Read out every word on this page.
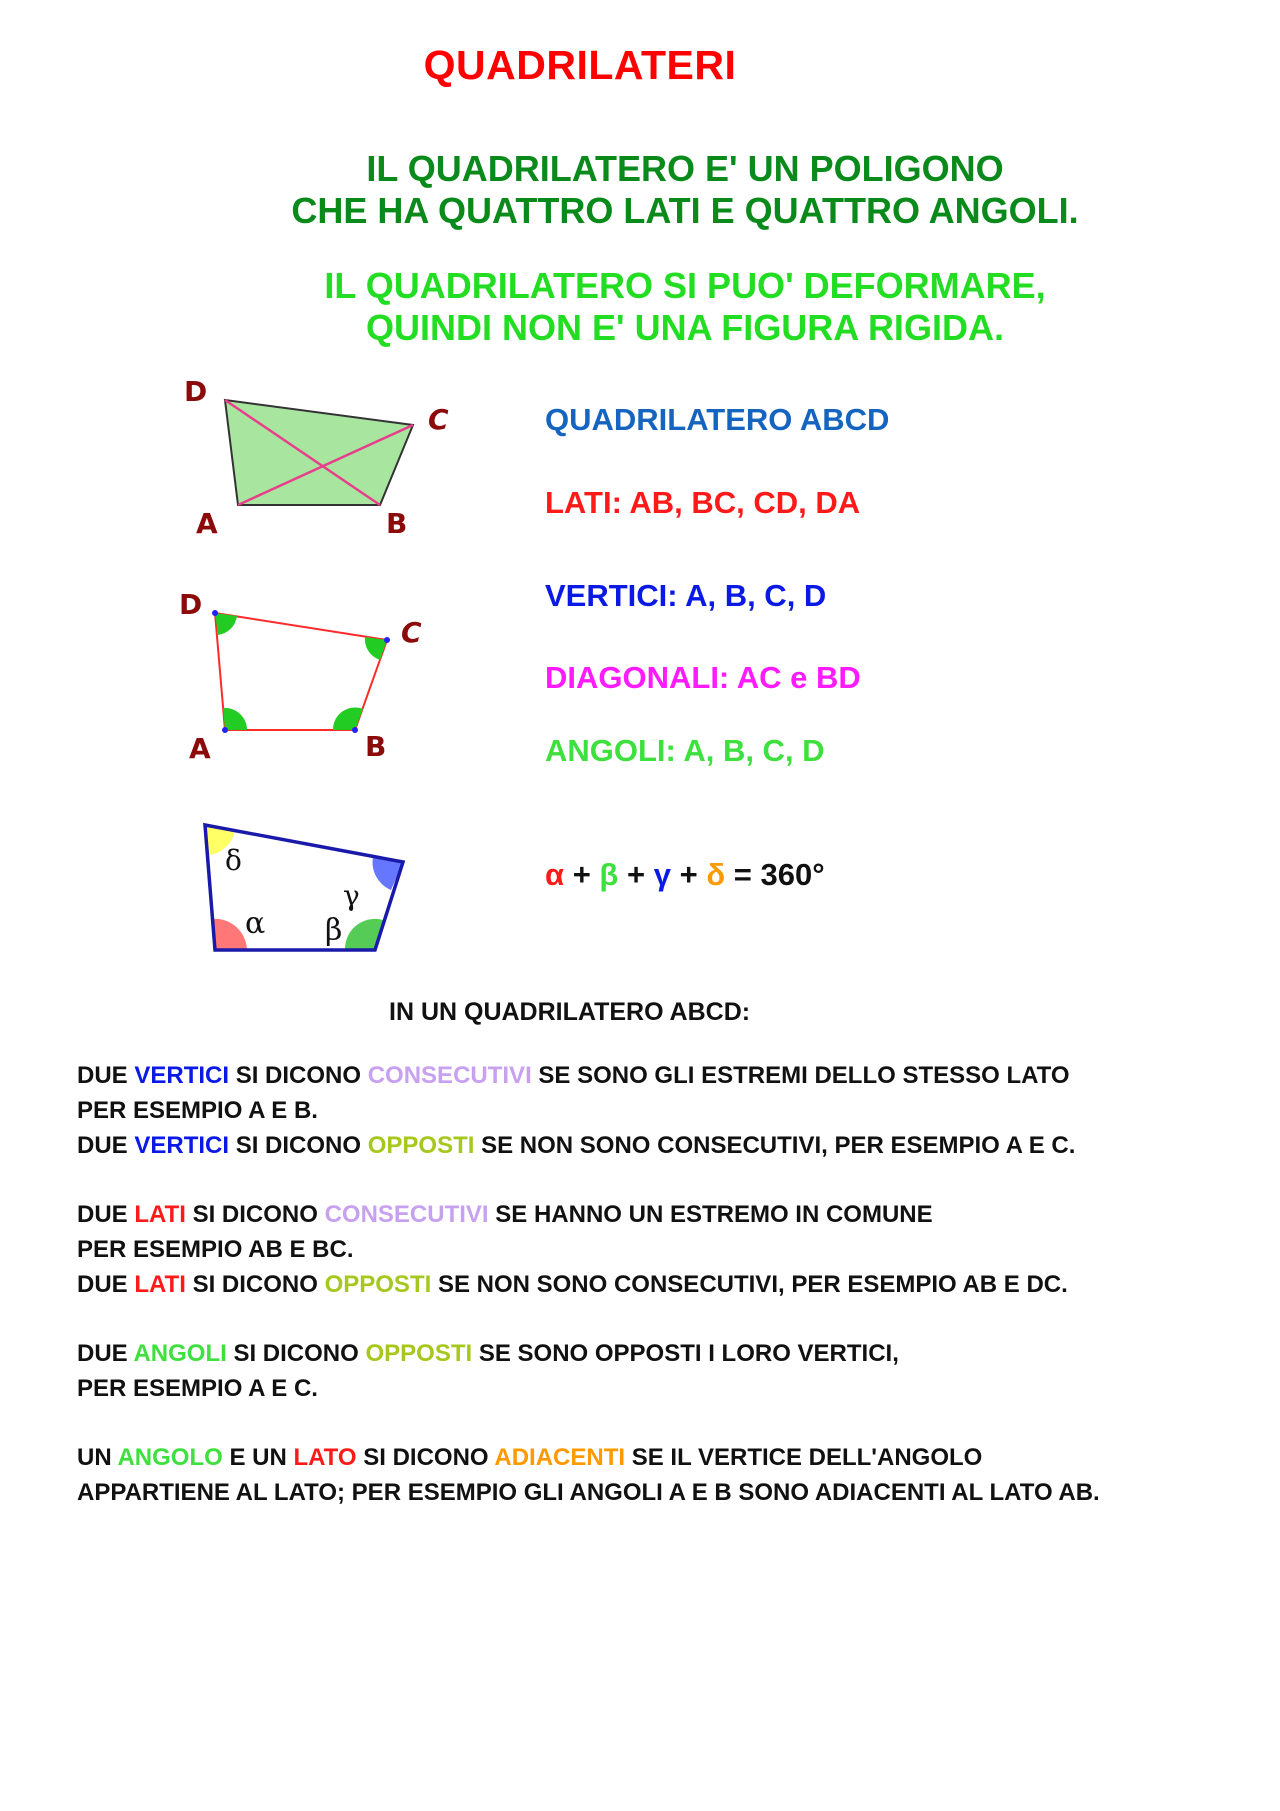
QUADRILATERI
IL QUADRILATERO E' UN POLIGONO
CHE HA QUATTRO LATI E QUATTRO ANGOLI.
IL QUADRILATERO SI PUO' DEFORMARE,
QUINDI NON E' UNA FIGURA RIGIDA.
D
C
A	B
D
C
A	B
δ
γ
α β
QUADRILATERO ABCD
LATI: AB, BC, CD, DA
VERTICI: A, B, C, D
DIAGONALI: AC e BD
ANGOLI: A, B, C, D
α + β + γ + δ = 360°
IN UN QUADRILATERO ABCD:
DUE VERTICI SI DICONO CONSECUTIVI SE SONO GLI ESTREMI DELLO STESSO LATO
PER ESEMPIO A E B.
DUE VERTICI SI DICONO OPPOSTI SE NON SONO CONSECUTIVI, PER ESEMPIO A E C.
DUE LATI SI DICONO CONSECUTIVI SE HANNO UN ESTREMO IN COMUNE
PER ESEMPIO AB E BC.
DUE LATI SI DICONO OPPOSTI SE NON SONO CONSECUTIVI, PER ESEMPIO AB E DC.
DUE ANGOLI SI DICONO OPPOSTI SE SONO OPPOSTI I LORO VERTICI,
PER ESEMPIO A E C.
UN ANGOLO E UN LATO SI DICONO ADIACENTI SE IL VERTICE DELL'ANGOLO
APPARTIENE AL LATO; PER ESEMPIO GLI ANGOLI A E B SONO ADIACENTI AL LATO AB.
